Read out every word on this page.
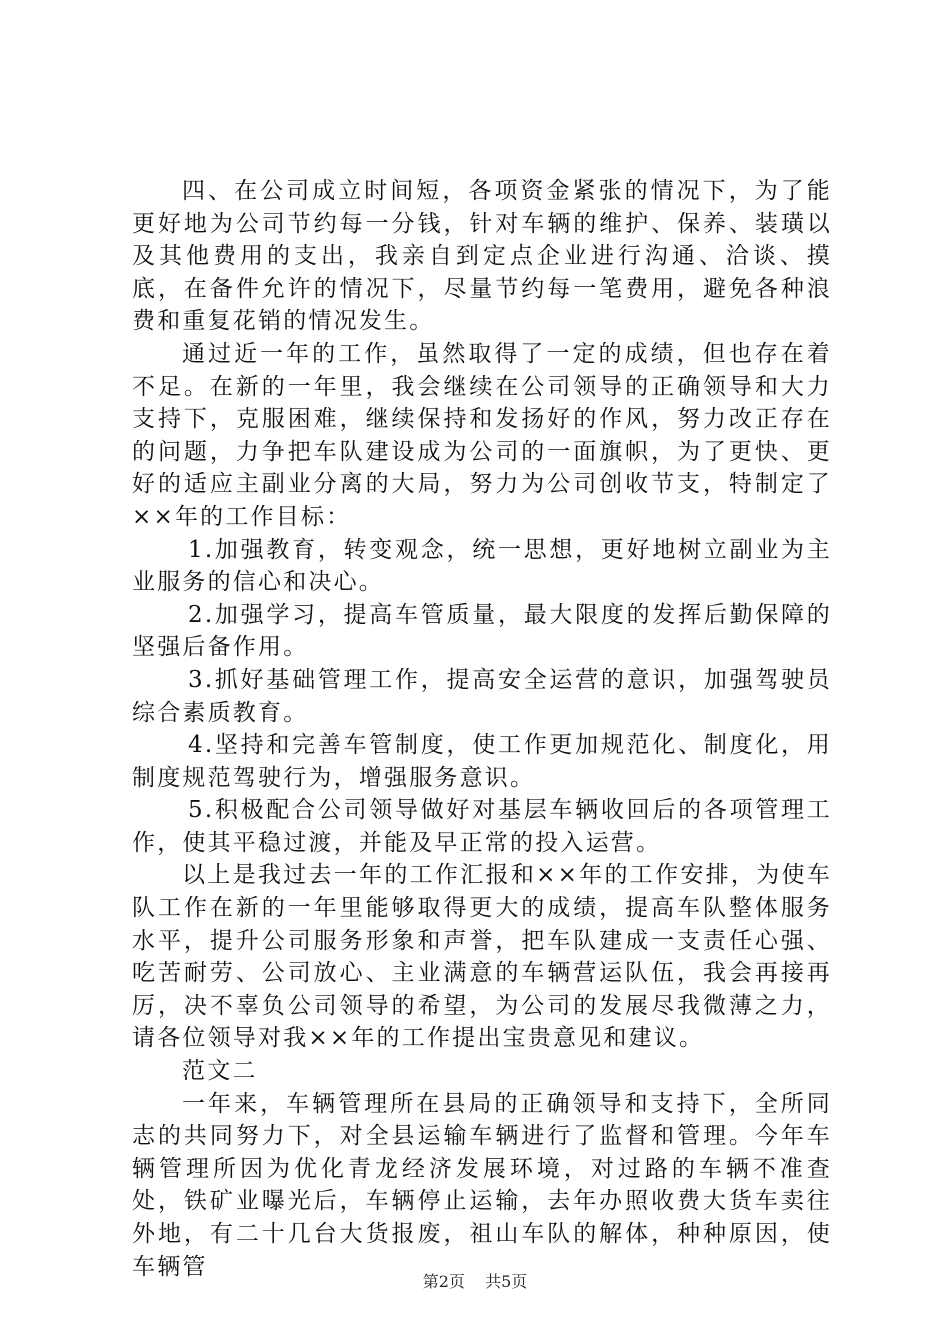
四、在公司成立时间短，各项资金紧张的情况下，为了能更好地为公司节约每一分钱，针对车辆的维护、保养、装璜以及其他费用的支出，我亲自到定点企业进行沟通、洽谈、摸底，在备件允许的情况下，尽量节约每一笔费用，避免各种浪费和重复花销的情况发生。

通过近一年的工作，虽然取得了一定的成绩，但也存在着不足。在新的一年里，我会继续在公司领导的正确领导和大力支持下，克服困难，继续保持和发扬好的作风，努力改正存在的问题，力争把车队建设成为公司的一面旗帜，为了更快、更好的适应主副业分离的大局，努力为公司创收节支，特制定了××年的工作目标：

1.加强教育，转变观念，统一思想，更好地树立副业为主业服务的信心和决心。

2.加强学习，提高车管质量，最大限度的发挥后勤保障的坚强后备作用。

3.抓好基础管理工作，提高安全运营的意识，加强驾驶员综合素质教育。

4.坚持和完善车管制度，使工作更加规范化、制度化，用制度规范驾驶行为，增强服务意识。

5.积极配合公司领导做好对基层车辆收回后的各项管理工作，使其平稳过渡，并能及早正常的投入运营。

以上是我过去一年的工作汇报和××年的工作安排，为使车队工作在新的一年里能够取得更大的成绩，提高车队整体服务水平，提升公司服务形象和声誉，把车队建成一支责任心强、吃苦耐劳、公司放心、主业满意的车辆营运队伍，我会再接再厉，决不辜负公司领导的希望，为公司的发展尽我微薄之力，请各位领导对我××年的工作提出宝贵意见和建议。

范文二

一年来，车辆管理所在县局的正确领导和支持下，全所同志的共同努力下，对全县运输车辆进行了监督和管理。今年车辆管理所因为优化青龙经济发展环境，对过路的车辆不准查处，铁矿业曝光后，车辆停止运输，去年办照收费大货车卖往外地，有二十几台大货报废，祖山车队的解体，种种原因，使车辆管

第2页 共5页
